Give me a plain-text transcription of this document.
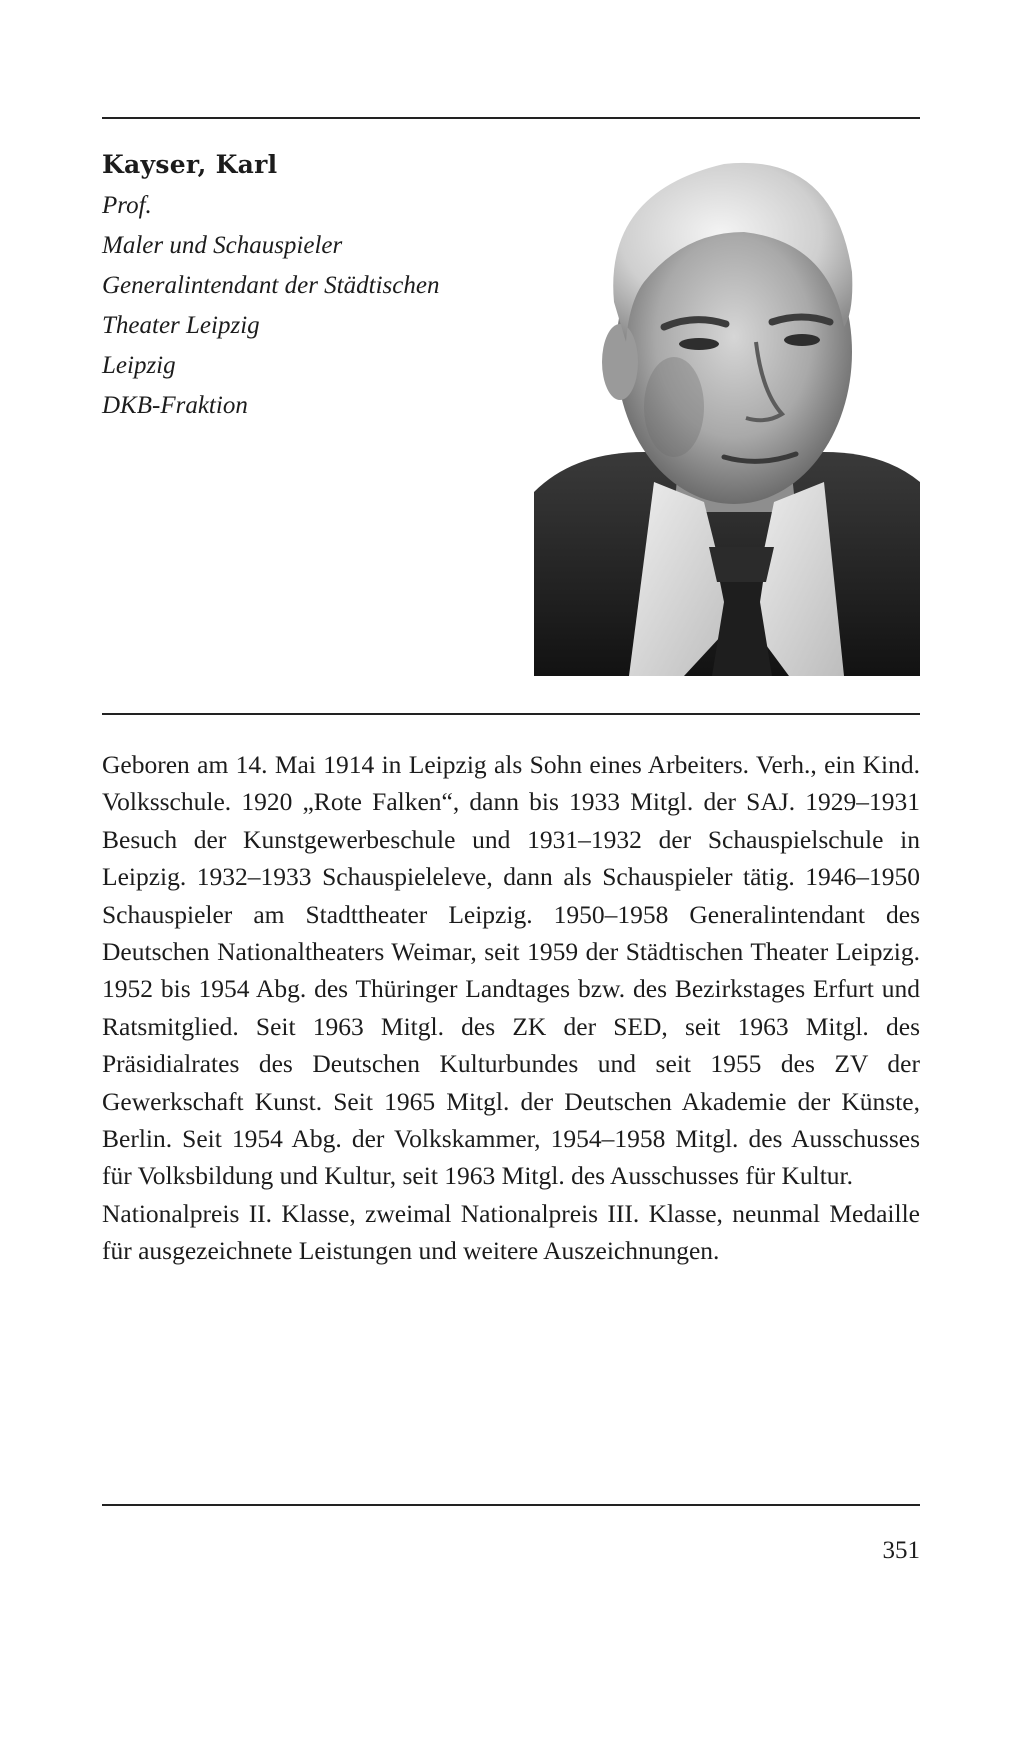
Kayser, Karl
Prof.
Maler und Schauspieler
Generalintendant der Städtischen
Theater Leipzig
Leipzig
DKB-Fraktion

Geboren am 14. Mai 1914 in Leipzig als Sohn eines Arbeiters. Verh., ein Kind. Volksschule. 1920 „Rote Falken“, dann bis 1933 Mitgl. der SAJ. 1929–1931 Besuch der Kunstgewerbeschule und 1931–1932 der Schauspielschule in Leipzig. 1932–1933 Schauspieleleve, dann als Schauspieler tätig. 1946–1950 Schauspieler am Stadttheater Leipzig. 1950–1958 Generalintendant des Deutschen Nationaltheaters Weimar, seit 1959 der Städtischen Theater Leipzig. 1952 bis 1954 Abg. des Thüringer Landtages bzw. des Bezirkstages Erfurt und Ratsmitglied. Seit 1963 Mitgl. des ZK der SED, seit 1963 Mitgl. des Präsidialrates des Deutschen Kulturbundes und seit 1955 des ZV der Gewerkschaft Kunst. Seit 1965 Mitgl. der Deutschen Akademie der Künste, Berlin. Seit 1954 Abg. der Volkskammer, 1954–1958 Mitgl. des Ausschusses für Volksbildung und Kultur, seit 1963 Mitgl. des Ausschusses für Kultur.

Nationalpreis II. Klasse, zweimal Nationalpreis III. Klasse, neunmal Medaille für ausgezeichnete Leistungen und weitere Auszeichnungen.

351
